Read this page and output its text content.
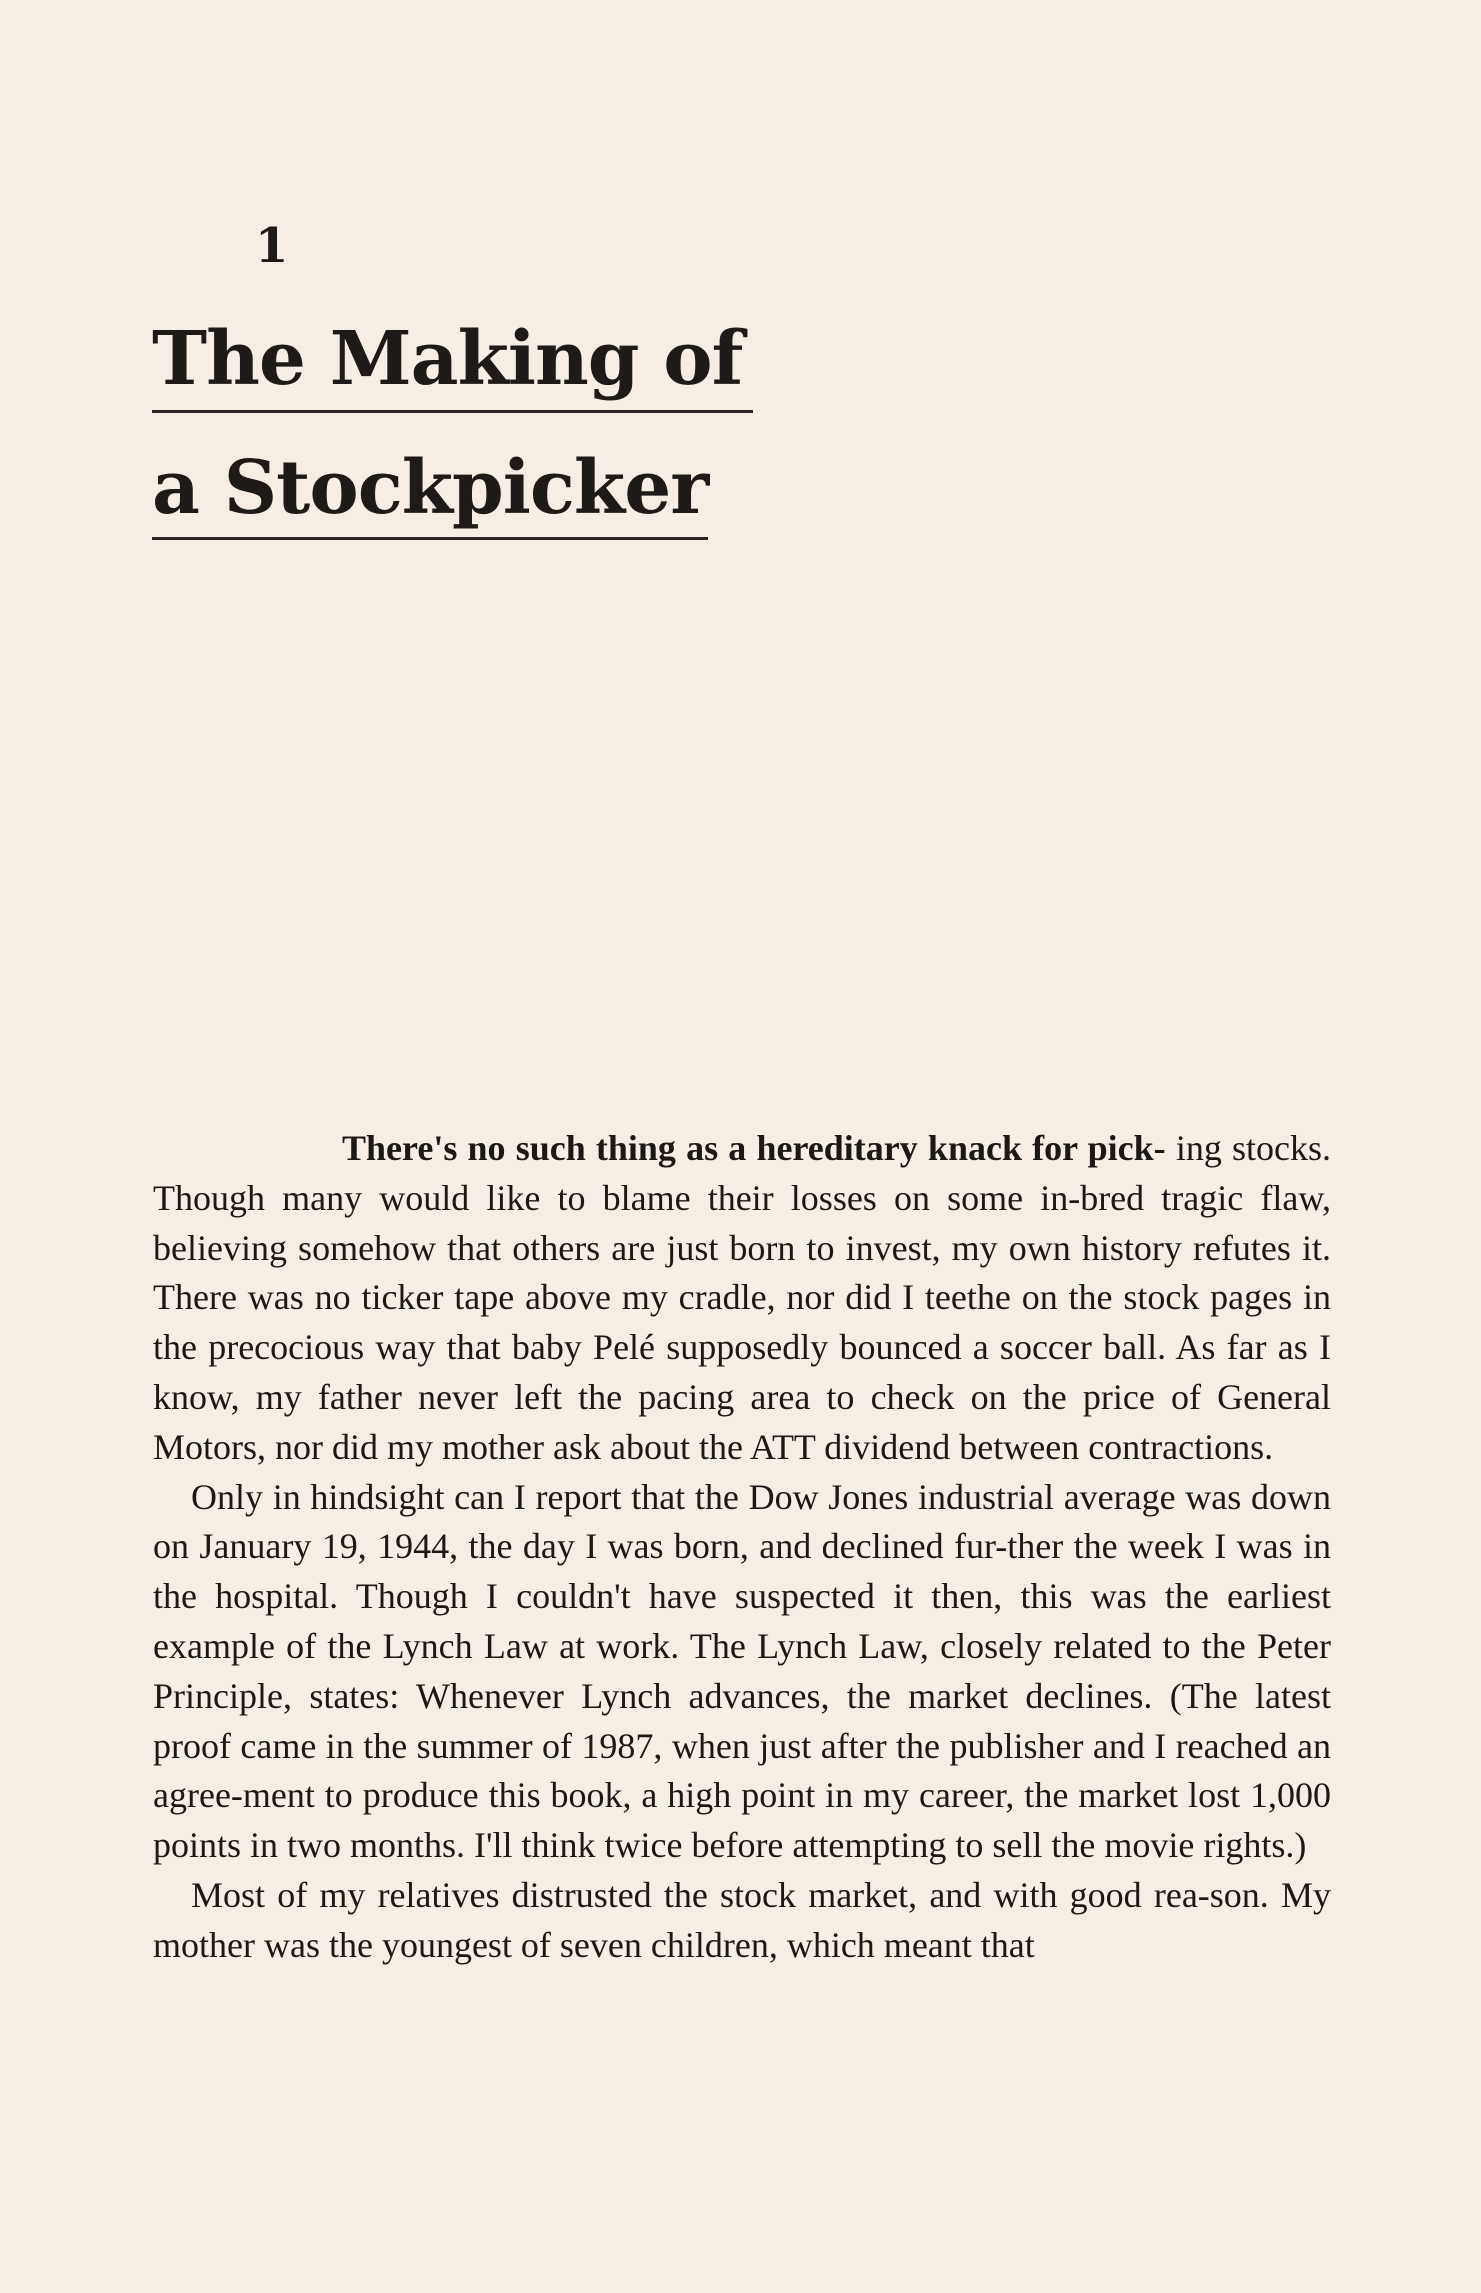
1
The Making of
a Stockpicker

There's no such thing as a hereditary knack for pick- ing stocks. Though many would like to blame their losses on some in-bred tragic flaw, believing somehow that others are just born to invest, my own history refutes it. There was no ticker tape above my cradle, nor did I teethe on the stock pages in the precocious way that baby Pelé supposedly bounced a soccer ball. As far as I know, my father never left the pacing area to check on the price of General Motors, nor did my mother ask about the ATT dividend between contractions.

Only in hindsight can I report that the Dow Jones industrial average was down on January 19, 1944, the day I was born, and declined fur-ther the week I was in the hospital. Though I couldn't have suspected it then, this was the earliest example of the Lynch Law at work. The Lynch Law, closely related to the Peter Principle, states: Whenever Lynch advances, the market declines. (The latest proof came in the summer of 1987, when just after the publisher and I reached an agree-ment to produce this book, a high point in my career, the market lost 1,000 points in two months. I'll think twice before attempting to sell the movie rights.)

Most of my relatives distrusted the stock market, and with good rea-son. My mother was the youngest of seven children, which meant that
